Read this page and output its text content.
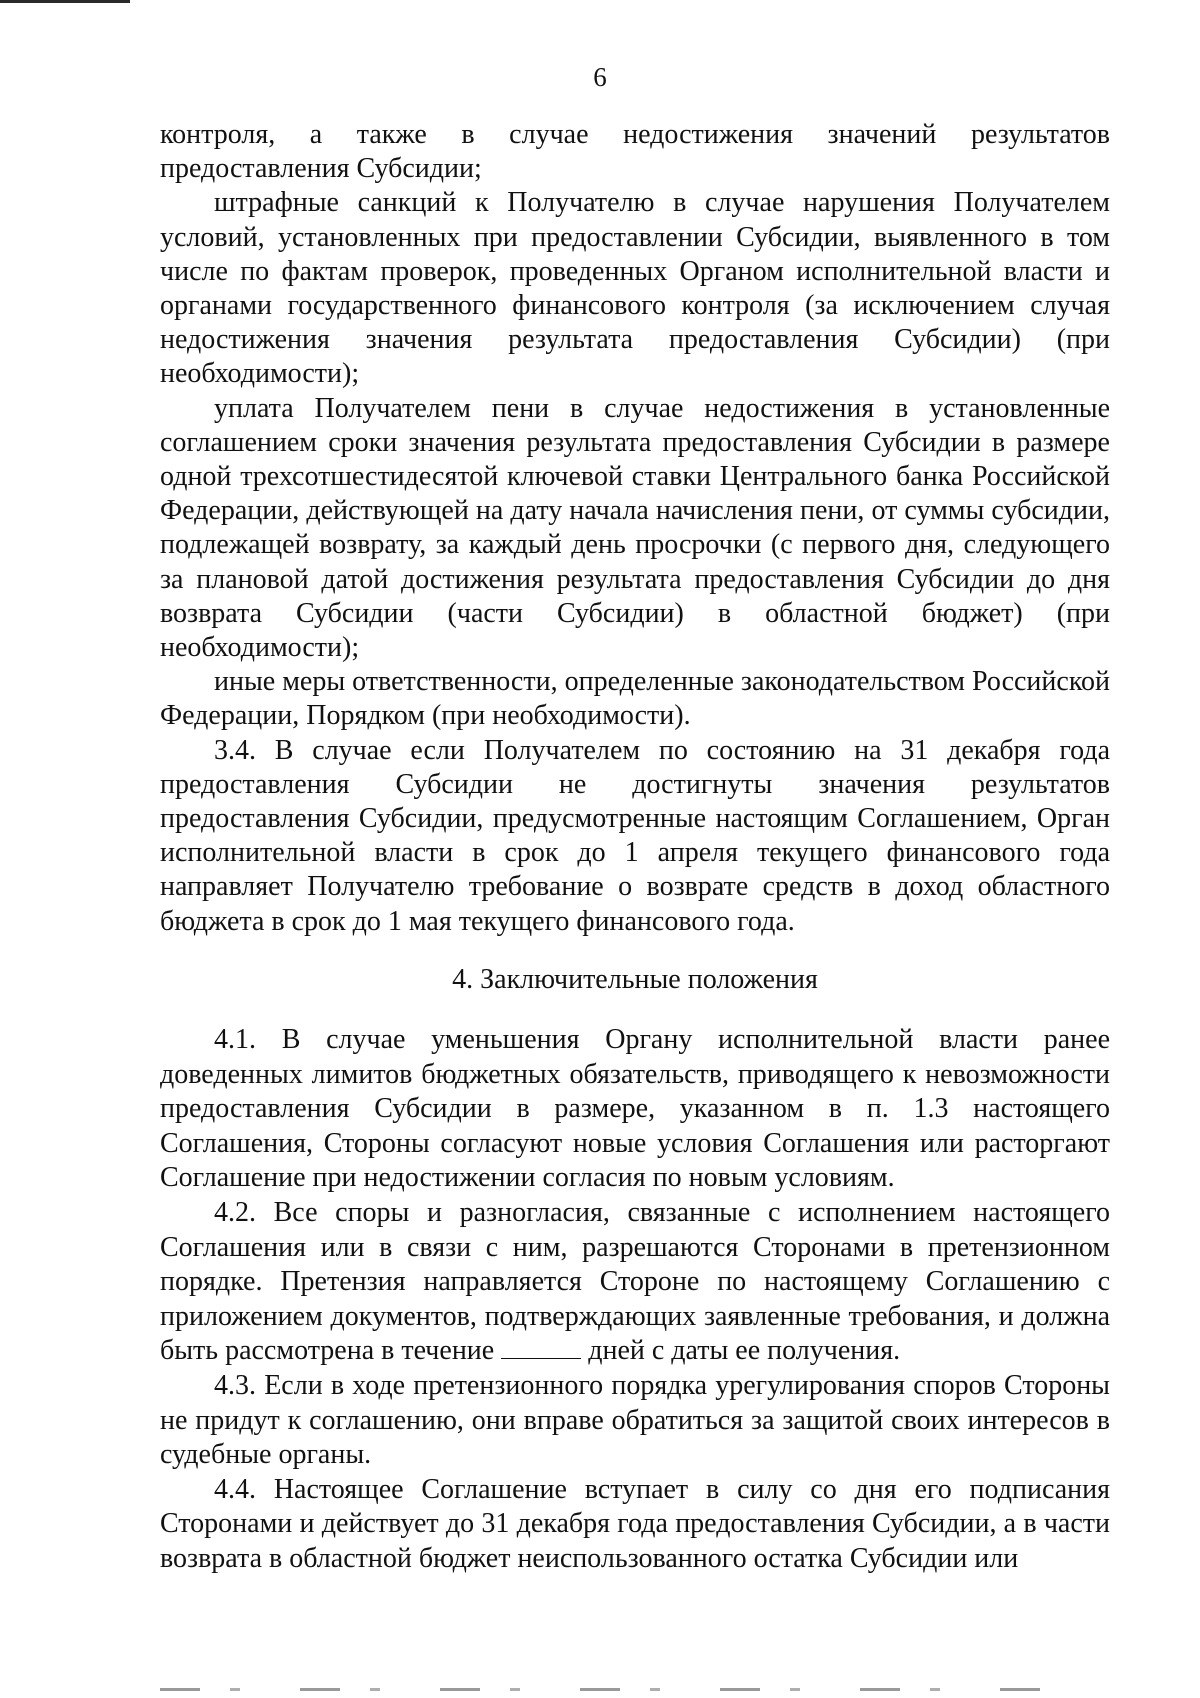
6

контроля, а также в случае недостижения значений результатов предоставления Субсидии;

штрафные санкций к Получателю в случае нарушения Получателем условий, установленных при предоставлении Субсидии, выявленного в том числе по фактам проверок, проведенных Органом исполнительной власти и органами государственного финансового контроля (за исключением случая недостижения значения результата предоставления Субсидии) (при необходимости);

уплата Получателем пени в случае недостижения в установленные соглашением сроки значения результата предоставления Субсидии в размере одной трехсотшестидесятой ключевой ставки Центрального банка Российской Федерации, действующей на дату начала начисления пени, от суммы субсидии, подлежащей возврату, за каждый день просрочки (с первого дня, следующего за плановой датой достижения результата предоставления Субсидии до дня возврата Субсидии (части Субсидии) в областной бюджет) (при необходимости);

иные меры ответственности, определенные законодательством Российской Федерации, Порядком (при необходимости).

3.4. В случае если Получателем по состоянию на 31 декабря года предоставления Субсидии не достигнуты значения результатов предоставления Субсидии, предусмотренные настоящим Соглашением, Орган исполнительной власти в срок до 1 апреля текущего финансового года направляет Получателю требование о возврате средств в доход областного бюджета в срок до 1 мая текущего финансового года.

4. Заключительные положения

4.1. В случае уменьшения Органу исполнительной власти ранее доведенных лимитов бюджетных обязательств, приводящего к невозможности предоставления Субсидии в размере, указанном в п. 1.3 настоящего Соглашения, Стороны согласуют новые условия Соглашения или расторгают Соглашение при недостижении согласия по новым условиям.

4.2. Все споры и разногласия, связанные с исполнением настоящего Соглашения или в связи с ним, разрешаются Сторонами в претензионном порядке. Претензия направляется Стороне по настоящему Соглашению с приложением документов, подтверждающих заявленные требования, и должна быть рассмотрена в течение	дней с даты ее получения.

4.3. Если в ходе претензионного порядка урегулирования споров Стороны не придут к соглашению, они вправе обратиться за защитой своих интересов в судебные органы.

4.4. Настоящее Соглашение вступает в силу со дня его подписания Сторонами и действует до 31 декабря года предоставления Субсидии, а в части возврата в областной бюджет неиспользованного остатка Субсидии или
